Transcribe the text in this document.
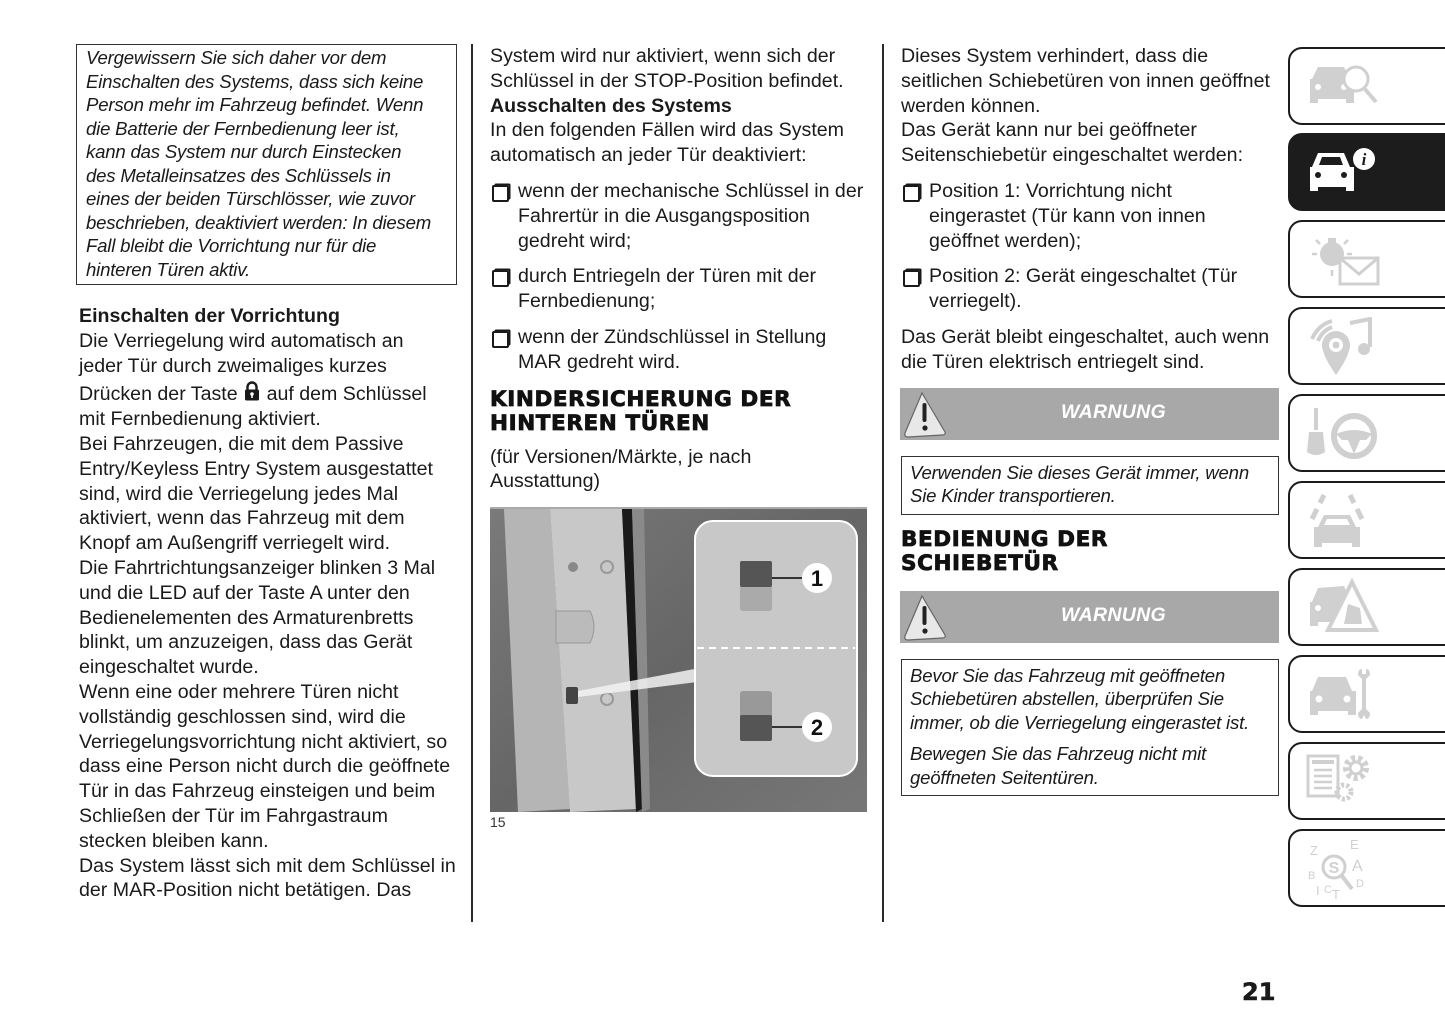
Vergewissern Sie sich daher vor dem

Einschalten des Systems, dass sich keine

Person mehr im Fahrzeug befindet. Wenn

die Batterie der Fernbedienung leer ist,

kann das System nur durch Einstecken

des Metalleinsatzes des Schlüssels in

eines der beiden Türschlösser, wie zuvor

beschrieben, deaktiviert werden: In diesem

Fall bleibt die Vorrichtung nur für die

hinteren Türen aktiv.

Einschalten der Vorrichtung

Die Verriegelung wird automatisch an jeder Tür durch zweimaliges kurzes

Drücken der Taste auf dem Schlüssel mit Fernbedienung aktiviert.

Bei Fahrzeugen, die mit dem Passive Entry/Keyless Entry System ausgestattet sind, wird die Verriegelung jedes Mal aktiviert, wenn das Fahrzeug mit dem Knopf am Außengriff verriegelt wird.

Die Fahrtrichtungsanzeiger blinken 3 Mal und die LED auf der Taste A unter den Bedienelementen des Armaturenbretts blinkt, um anzuzeigen, dass das Gerät eingeschaltet wurde.

Wenn eine oder mehrere Türen nicht vollständig geschlossen sind, wird die Verriegelungsvorrichtung nicht aktiviert, so dass eine Person nicht durch die geöffnete Tür in das Fahrzeug einsteigen und beim Schließen der Tür im Fahrgastraum stecken bleiben kann.

Das System lässt sich mit dem Schlüssel in der MAR-Position nicht betätigen. Das

System wird nur aktiviert, wenn sich der Schlüssel in der STOP-Position befindet.

Ausschalten des Systems

In den folgenden Fällen wird das System automatisch an jeder Tür deaktiviert:

wenn der mechanische Schlüssel in der Fahrertür in die Ausgangsposition gedreht wird;

durch Entriegeln der Türen mit der Fernbedienung;

wenn der Zündschlüssel in Stellung MAR gedreht wird.

KINDERSICHERUNG DER
HINTEREN TÜREN

(für Versionen/Märkte, je nach Ausstattung)

1
2
15

Dieses System verhindert, dass die seitlichen Schiebetüren von innen geöffnet werden können.

Das Gerät kann nur bei geöffneter Seitenschiebetür eingeschaltet werden:

Position 1: Vorrichtung nicht eingerastet (Tür kann von innen geöffnet werden);

Position 2: Gerät eingeschaltet (Tür verriegelt).

Das Gerät bleibt eingeschaltet, auch wenn die Türen elektrisch entriegelt sind.

WARNUNG

Verwenden Sie dieses Gerät immer, wenn Sie Kinder transportieren.

BEDIENUNG DER
SCHIEBETÜR

WARNUNG

Bevor Sie das Fahrzeug mit geöffneten Schiebetüren abstellen, überprüfen Sie immer, ob die Verriegelung eingerastet ist.

Bewegen Sie das Fahrzeug nicht mit geöffneten Seitentüren.

i
Z E
A
B
D
I C T
S
21
